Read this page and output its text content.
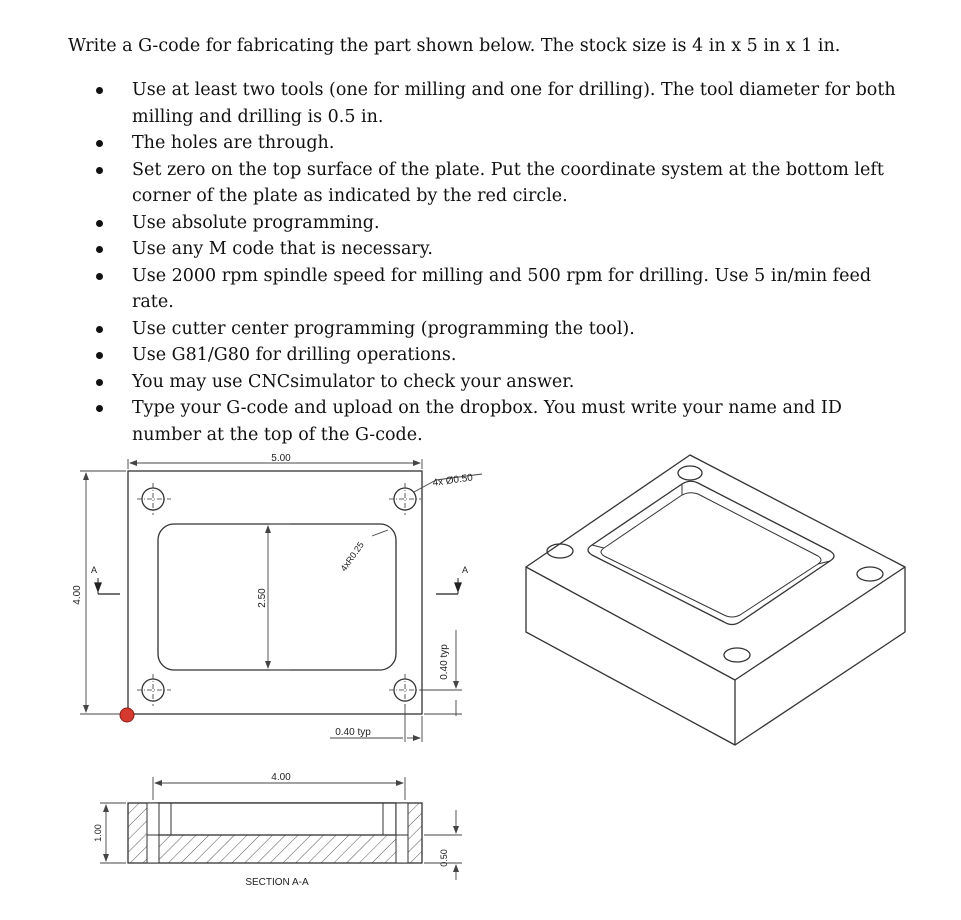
Write a G-code for fabricating the part shown below. The stock size is 4 in x 5 in x 1 in.

Use at least two tools (one for milling and one for drilling). The tool diameter for both milling and drilling is 0.5 in.
The holes are through.
Set zero on the top surface of the plate. Put the coordinate system at the bottom left corner of the plate as indicated by the red circle.
Use absolute programming.
Use any M code that is necessary.
Use 2000 rpm spindle speed for milling and 500 rpm for drilling. Use 5 in/min feed rate.
Use cutter center programming (programming the tool).
Use G81/G80 for drilling operations.
You may use CNCsimulator to check your answer.
Type your G-code and upload on the dropbox. You must write your name and ID number at the top of the G-code.
5.00
4.00	2.50
4x Ø0.50
4xR0.25
0.40 typ
0.40 typ
A	A
4.00
1.00
0.50
SECTION A-A
